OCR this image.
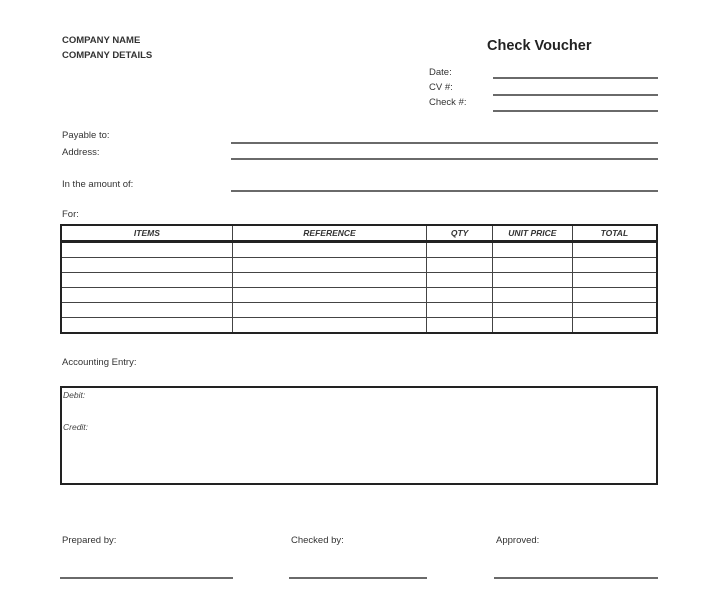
COMPANY NAME
COMPANY DETAILS
Check Voucher
Date:
CV #:
Check #:
Payable to:
Address:
In the amount of:
For:
ITEMS	REFERENCE	QTY	UNIT PRICE	TOTAL

Accounting Entry:
Debit:
Credit:
Prepared by:	Checked by:	Approved:
